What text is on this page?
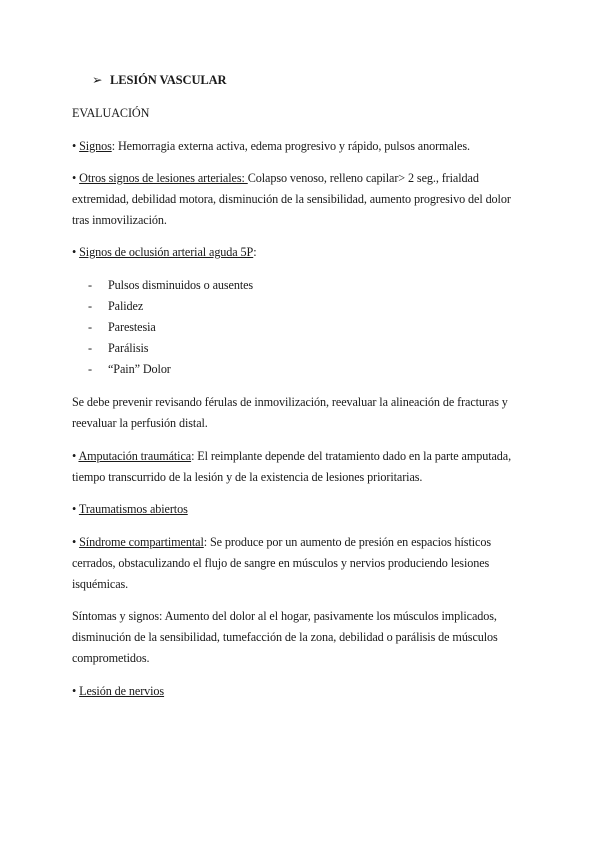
➢ LESIÓN VASCULAR
EVALUACIÓN
• Signos: Hemorragia externa activa, edema progresivo y rápido, pulsos anormales.
• Otros signos de lesiones arteriales: Colapso venoso, relleno capilar> 2 seg., frialdad extremidad, debilidad motora, disminución de la sensibilidad, aumento progresivo del dolor tras inmovilización.
• Signos de oclusión arterial aguda 5P:
- Pulsos disminuidos o ausentes
- Palidez
- Parestesia
- Parálisis
- “Pain” Dolor
Se debe prevenir revisando férulas de inmovilización, reevaluar la alineación de fracturas y reevaluar la perfusión distal.
• Amputación traumática: El reimplante depende del tratamiento dado en la parte amputada, tiempo transcurrido de la lesión y de la existencia de lesiones prioritarias.
• Traumatismos abiertos
• Síndrome compartimental: Se produce por un aumento de presión en espacios hísticos cerrados, obstaculizando el flujo de sangre en músculos y nervios produciendo lesiones isquémicas.
Síntomas y signos: Aumento del dolor al el hogar, pasivamente los músculos implicados, disminución de la sensibilidad, tumefacción de la zona, debilidad o parálisis de músculos comprometidos.
• Lesión de nervios
